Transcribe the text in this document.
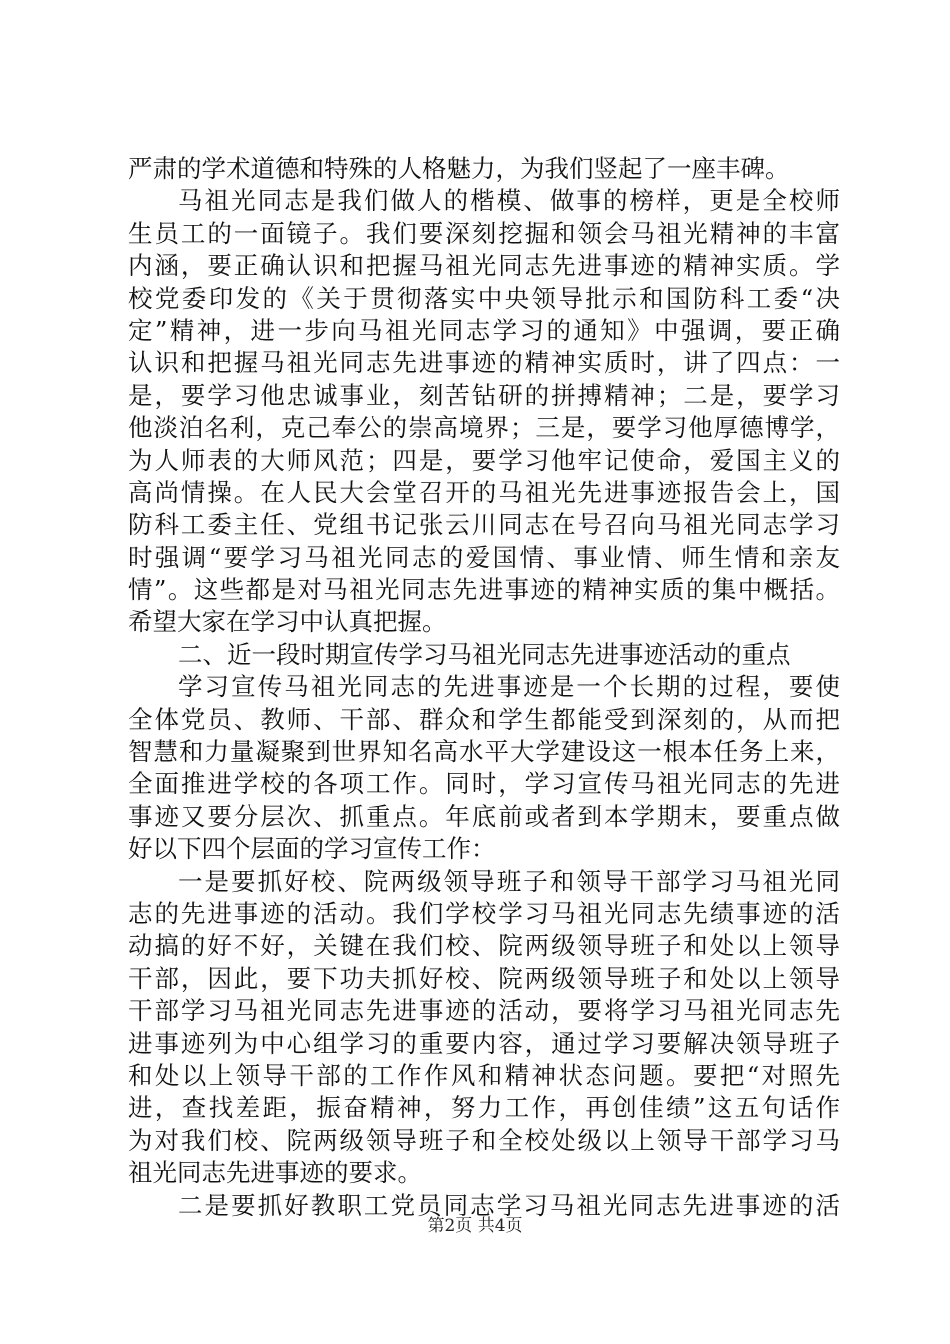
严肃的学术道德和特殊的人格魅力，为我们竖起了一座丰碑。
马祖光同志是我们做人的楷模、做事的榜样，更是全校师
生员工的一面镜子。我们要深刻挖掘和领会马祖光精神的丰富
内涵，要正确认识和把握马祖光同志先进事迹的精神实质。学
校党委印发的《关于贯彻落实中央领导批示和国防科工委“决
定”精神，进一步向马祖光同志学习的通知》中强调，要正确
认识和把握马祖光同志先进事迹的精神实质时，讲了四点：一
是，要学习他忠诚事业，刻苦钻研的拼搏精神；二是，要学习
他淡泊名利，克己奉公的崇高境界；三是，要学习他厚德博学，
为人师表的大师风范；四是，要学习他牢记使命，爱国主义的
高尚情操。在人民大会堂召开的马祖光先进事迹报告会上，国
防科工委主任、党组书记张云川同志在号召向马祖光同志学习
时强调“要学习马祖光同志的爱国情、事业情、师生情和亲友
情”。这些都是对马祖光同志先进事迹的精神实质的集中概括。
希望大家在学习中认真把握。
二、近一段时期宣传学习马祖光同志先进事迹活动的重点
学习宣传马祖光同志的先进事迹是一个长期的过程，要使
全体党员、教师、干部、群众和学生都能受到深刻的，从而把
智慧和力量凝聚到世界知名高水平大学建设这一根本任务上来，
全面推进学校的各项工作。同时，学习宣传马祖光同志的先进
事迹又要分层次、抓重点。年底前或者到本学期末，要重点做
好以下四个层面的学习宣传工作：
一是要抓好校、院两级领导班子和领导干部学习马祖光同
志的先进事迹的活动。我们学校学习马祖光同志先绩事迹的活
动搞的好不好，关键在我们校、院两级领导班子和处以上领导
干部，因此，要下功夫抓好校、院两级领导班子和处以上领导
干部学习马祖光同志先进事迹的活动，要将学习马祖光同志先
进事迹列为中心组学习的重要内容，通过学习要解决领导班子
和处以上领导干部的工作作风和精神状态问题。要把“对照先
进，查找差距，振奋精神，努力工作，再创佳绩”这五句话作
为对我们校、院两级领导班子和全校处级以上领导干部学习马
祖光同志先进事迹的要求。
二是要抓好教职工党员同志学习马祖光同志先进事迹的活
第2页 共4页
